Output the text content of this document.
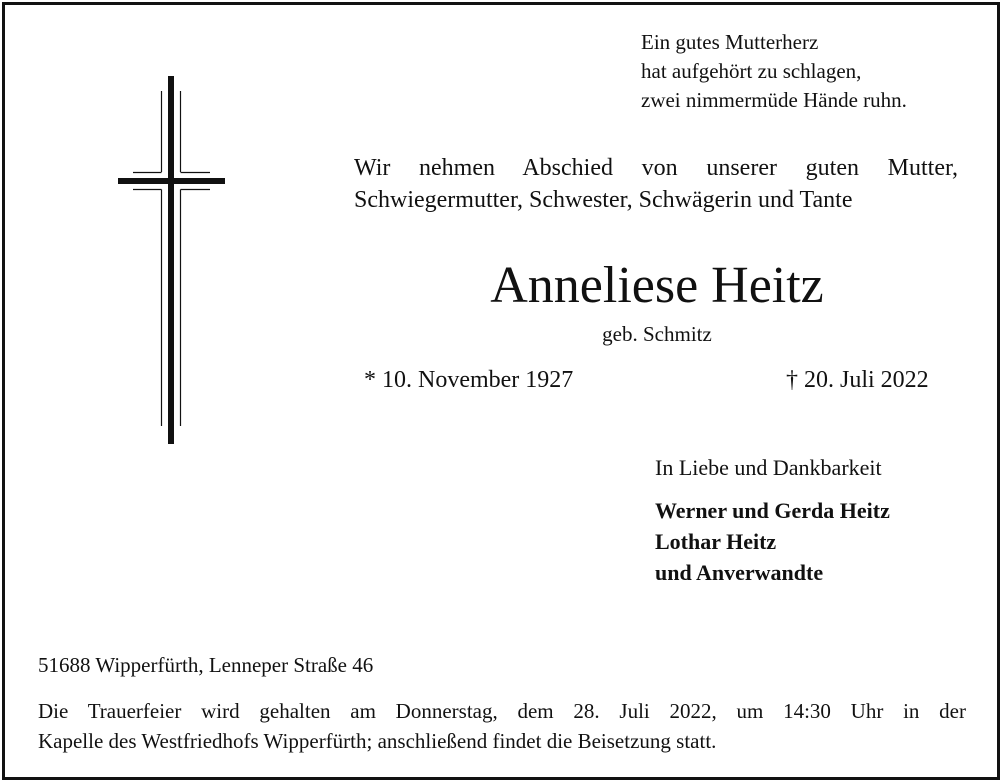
Ein gutes Mutterherz
hat aufgehört zu schlagen,
zwei nimmermüde Hände ruhn.
Wir nehmen Abschied von unserer guten Mutter,
Schwiegermutter, Schwester, Schwägerin und Tante
Anneliese Heitz
geb. Schmitz
* 10. November 1927	† 20. Juli 2022
In Liebe und Dankbarkeit
Werner und Gerda Heitz
Lothar Heitz
und Anverwandte
51688 Wipperfürth, Lenneper Straße 46
Die Trauerfeier wird gehalten am Donnerstag, dem 28. Juli 2022, um 14:30 Uhr in der
Kapelle des Westfriedhofs Wipperfürth; anschließend findet die Beisetzung statt.
